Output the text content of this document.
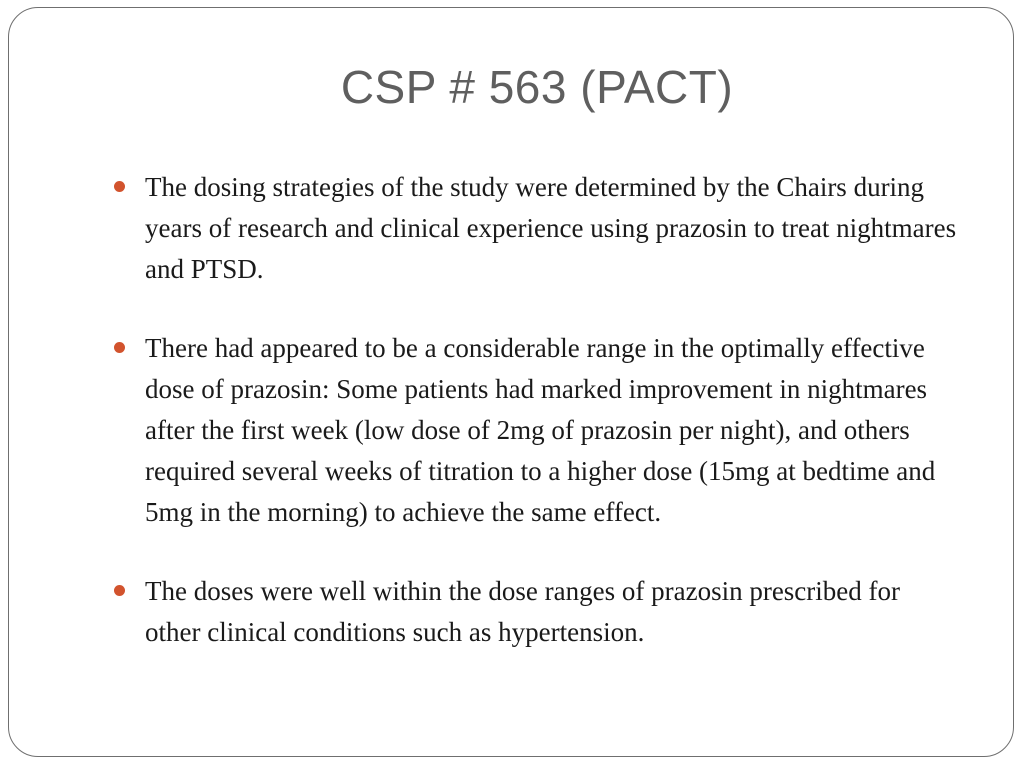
CSP # 563 (PACT)
The dosing strategies of the study were determined by the Chairs during years of research and clinical experience using prazosin to treat nightmares and PTSD.
There had appeared to be a considerable range in the optimally effective dose of prazosin: Some patients had marked improvement in nightmares after the first week (low dose of 2mg of prazosin per night), and others required several weeks of titration to a higher dose (15mg at bedtime and 5mg in the morning) to achieve the same effect.
The doses were well within the dose ranges of prazosin prescribed for other clinical conditions such as hypertension.
